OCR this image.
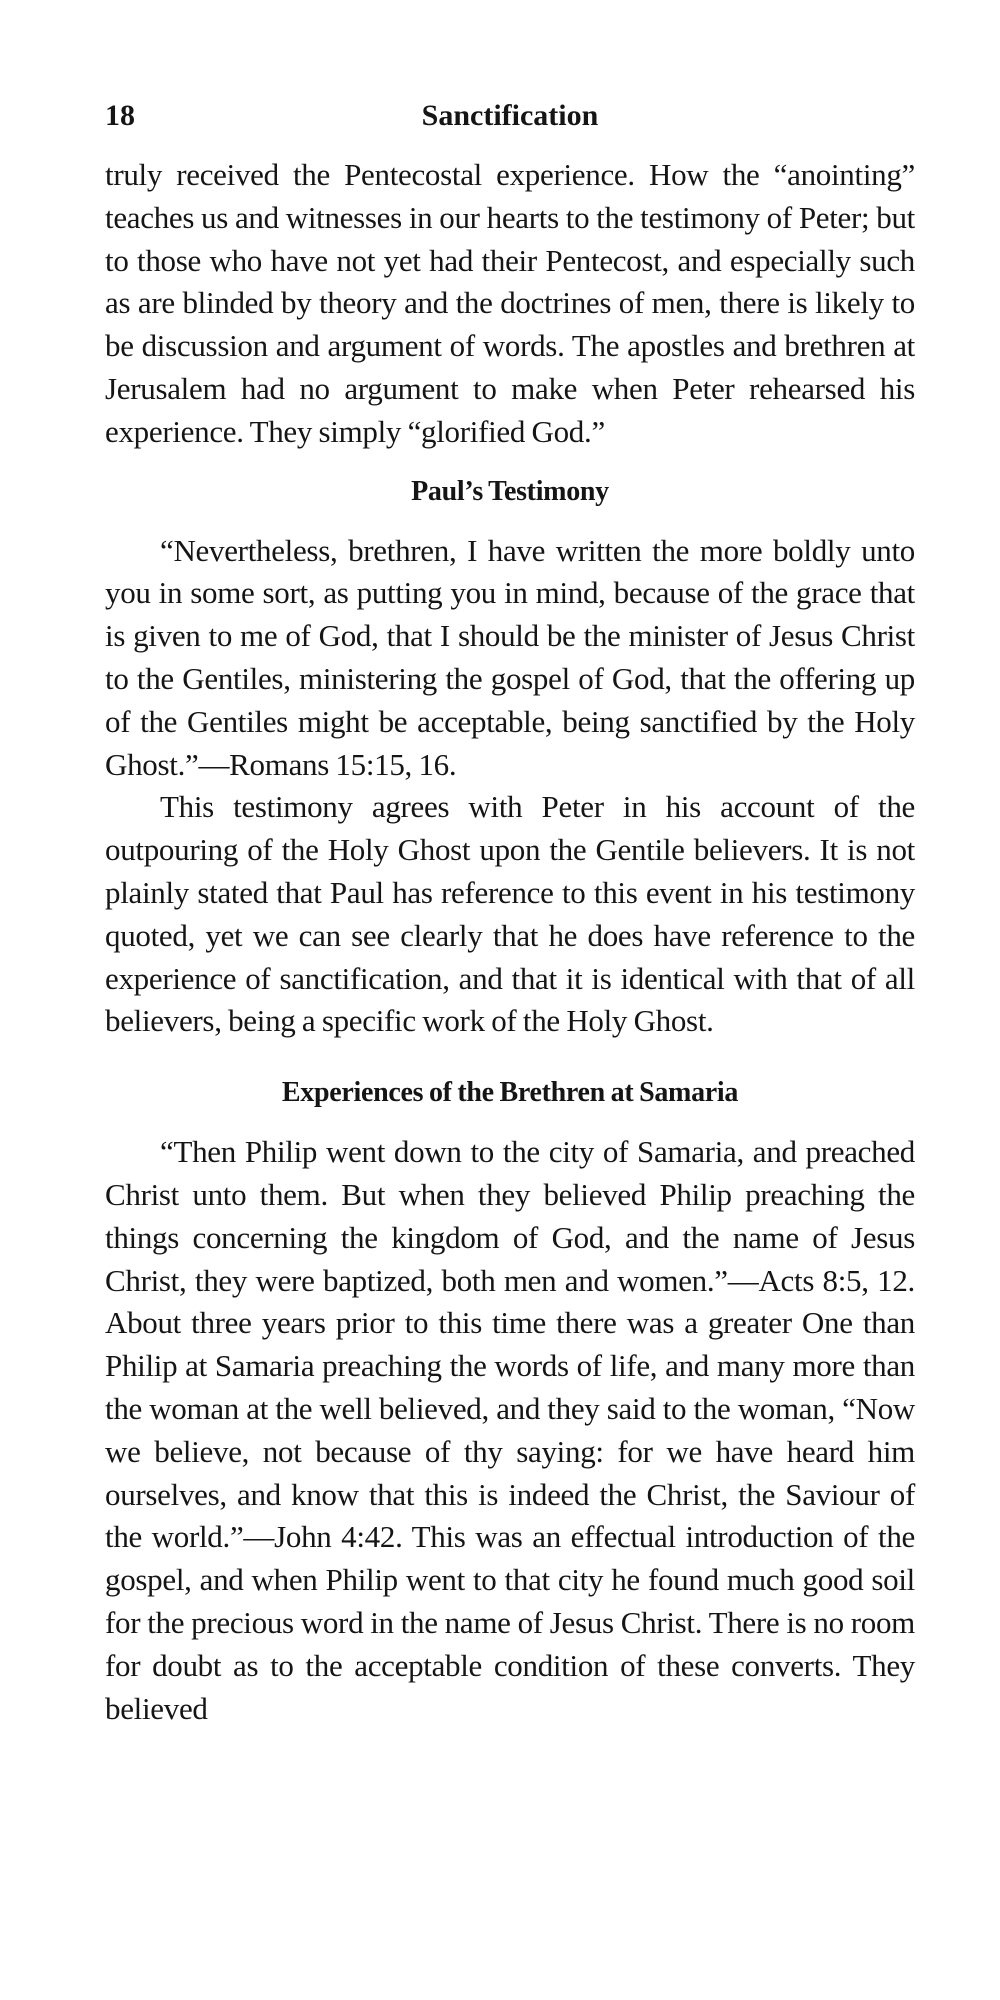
18	Sanctification

truly received the Pentecostal experience. How the “anointing” teaches us and witnesses in our hearts to the testimony of Peter; but to those who have not yet had their Pentecost, and especially such as are blinded by theory and the doctrines of men, there is likely to be discussion and argument of words. The apostles and brethren at Jerusalem had no argument to make when Peter rehearsed his experience. They simply “glorified God.”

Paul’s Testimony

“Nevertheless, brethren, I have written the more boldly unto you in some sort, as putting you in mind, because of the grace that is given to me of God, that I should be the minister of Jesus Christ to the Gentiles, ministering the gospel of God, that the offering up of the Gentiles might be acceptable, being sanctified by the Holy Ghost.”—Romans 15:15, 16.

This testimony agrees with Peter in his account of the outpouring of the Holy Ghost upon the Gentile believers. It is not plainly stated that Paul has reference to this event in his testimony quoted, yet we can see clearly that he does have reference to the experience of sanctification, and that it is identical with that of all believers, being a specific work of the Holy Ghost.

Experiences of the Brethren at Samaria

“Then Philip went down to the city of Samaria, and preached Christ unto them. But when they believed Philip preaching the things concerning the kingdom of God, and the name of Jesus Christ, they were baptized, both men and women.”—Acts 8:5, 12. About three years prior to this time there was a greater One than Philip at Samaria preaching the words of life, and many more than the woman at the well believed, and they said to the woman, “Now we believe, not because of thy saying: for we have heard him ourselves, and know that this is indeed the Christ, the Saviour of the world.”—John 4:42. This was an effectual introduction of the gospel, and when Philip went to that city he found much good soil for the precious word in the name of Jesus Christ. There is no room for doubt as to the acceptable condition of these converts. They believed
